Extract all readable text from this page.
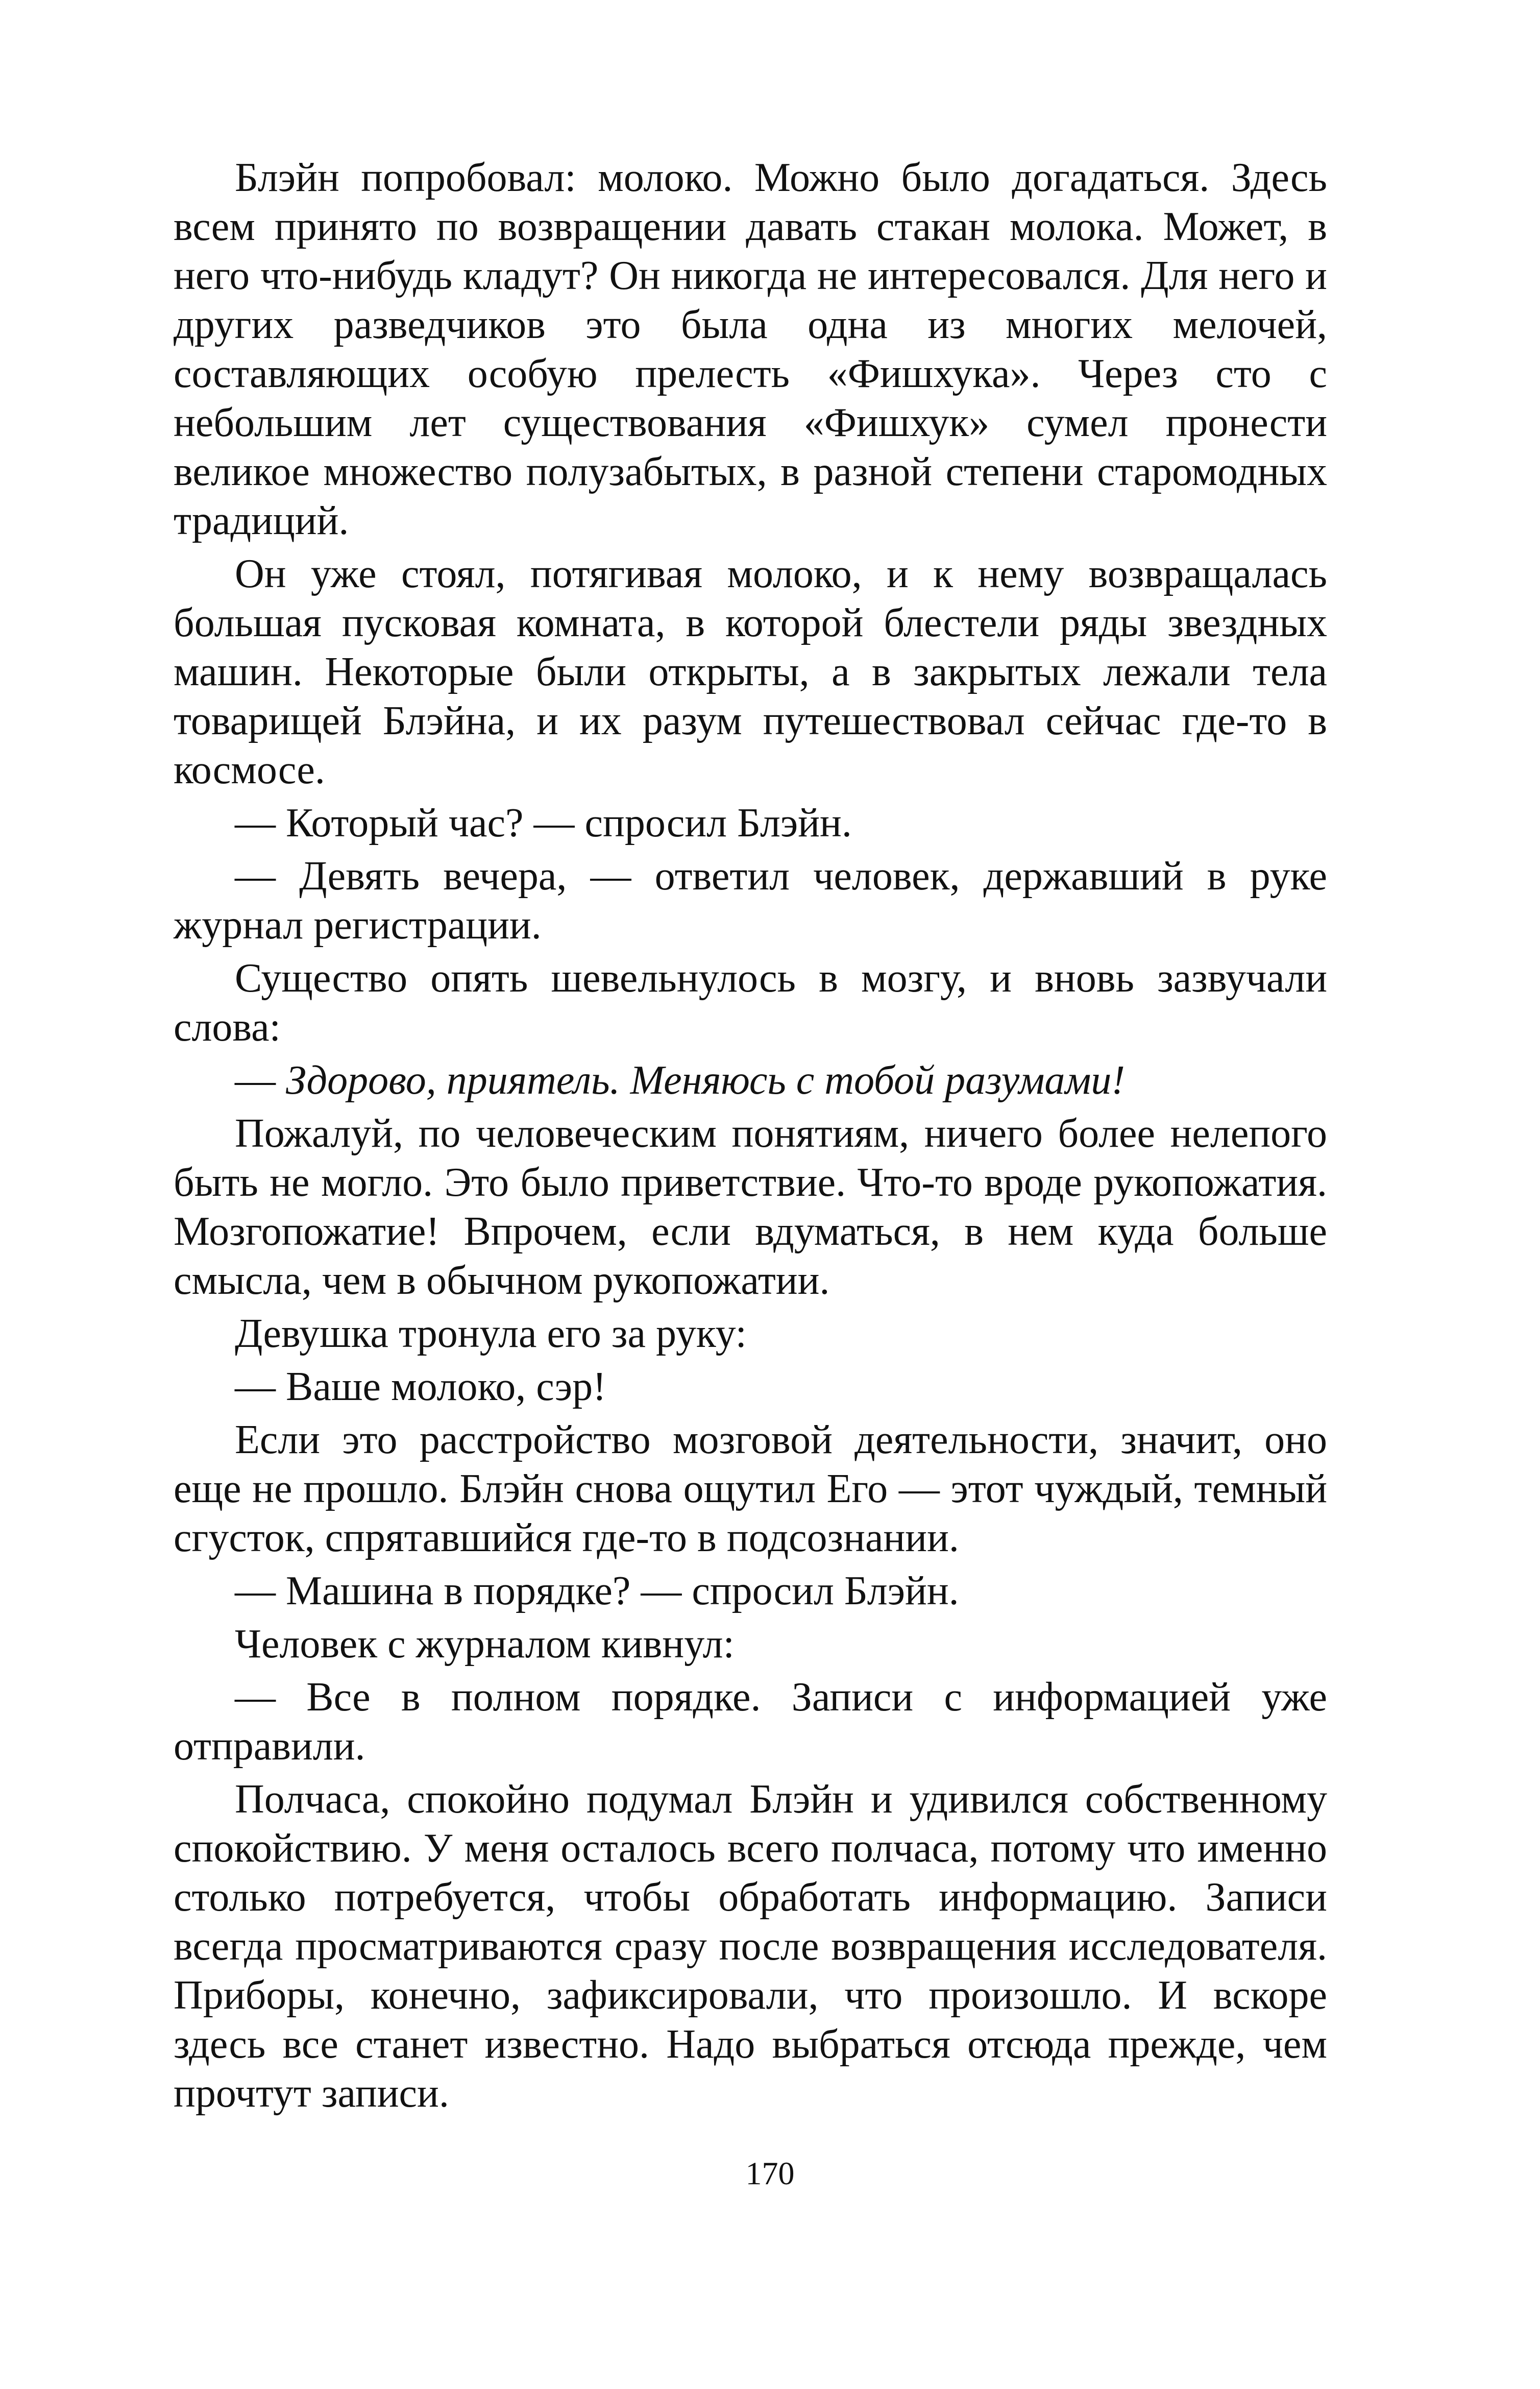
Блэйн попробовал: молоко. Можно было догадаться. Здесь всем принято по возвращении давать стакан молока. Может, в него что-нибудь кладут? Он никогда не интересовался. Для него и других разведчиков это была одна из многих мелочей, составляющих особую прелесть «Фишхука». Через сто с небольшим лет существования «Фишхук» сумел пронести великое множество полузабытых, в разной степени старомодных традиций.

Он уже стоял, потягивая молоко, и к нему возвращалась большая пусковая комната, в которой блестели ряды звездных машин. Некоторые были открыты, а в закрытых лежали тела товарищей Блэйна, и их разум путешествовал сейчас где-то в космосе.

— Который час? — спросил Блэйн.

— Девять вечера, — ответил человек, державший в руке журнал регистрации.

Существо опять шевельнулось в мозгу, и вновь зазвучали слова:

— Здорово, приятель. Меняюсь с тобой разумами!

Пожалуй, по человеческим понятиям, ничего более нелепого быть не могло. Это было приветствие. Что-то вроде рукопожатия. Мозгопожатие! Впрочем, если вдуматься, в нем куда больше смысла, чем в обычном рукопожатии.

Девушка тронула его за руку:

— Ваше молоко, сэр!

Если это расстройство мозговой деятельности, значит, оно еще не прошло. Блэйн снова ощутил Его — этот чуждый, темный сгусток, спрятавшийся где-то в подсознании.

— Машина в порядке? — спросил Блэйн.

Человек с журналом кивнул:

— Все в полном порядке. Записи с информацией уже отправили.

Полчаса, спокойно подумал Блэйн и удивился собственному спокойствию. У меня осталось всего полчаса, потому что именно столько потребуется, чтобы обработать информацию. Записи всегда просматриваются сразу после возвращения исследователя. Приборы, конечно, зафиксировали, что произошло. И вскоре здесь все станет известно. Надо выбраться отсюда прежде, чем прочтут записи.

170
